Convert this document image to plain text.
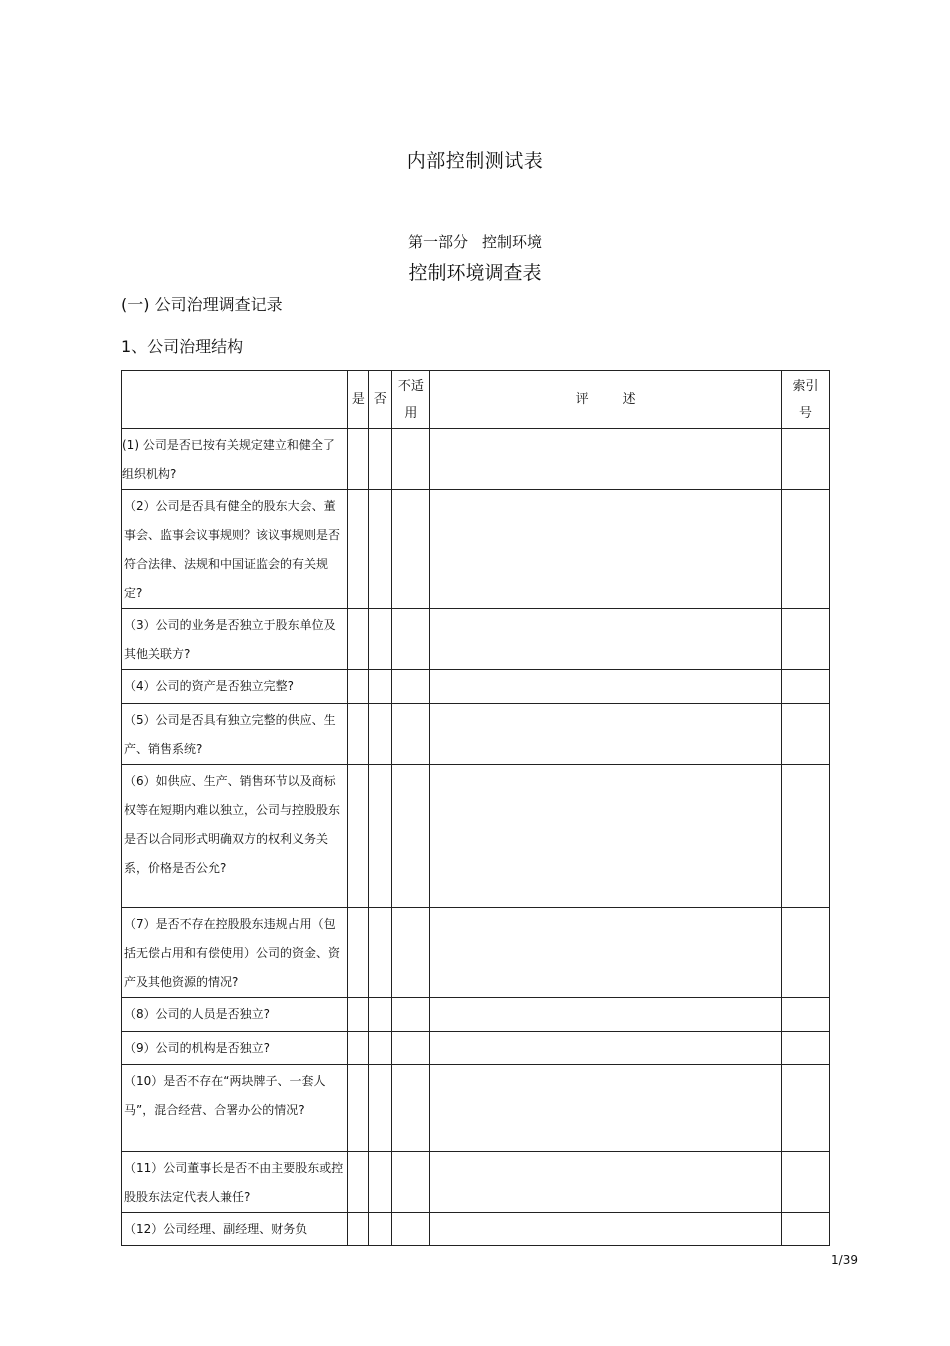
内部控制测试表
第一部分 控制环境
控制环境调查表
(一) 公司治理调查记录
1、公司治理结构
	是	否	不适用	评 述	索引号
(1) 公司是否已按有关规定建立和健全了组织机构?					
（2）公司是否具有健全的股东大会、董事会、监事会议事规则？该议事规则是否符合法律、法规和中国证监会的有关规定?					
（3）公司的业务是否独立于股东单位及其他关联方?					
（4）公司的资产是否独立完整?					
（5）公司是否具有独立完整的供应、生产、销售系统?					
（6）如供应、生产、销售环节以及商标权等在短期内难以独立，公司与控股股东是否以合同形式明确双方的权利义务关系，价格是否公允?					
（7）是否不存在控股股东违规占用（包括无偿占用和有偿使用）公司的资金、资产及其他资源的情况?					
（8）公司的人员是否独立?					
（9）公司的机构是否独立?					
（10）是否不存在“两块牌子、一套人马”，混合经营、合署办公的情况?					
（11）公司董事长是否不由主要股东或控股股东法定代表人兼任?					
（12）公司经理、副经理、财务负					
1/39
